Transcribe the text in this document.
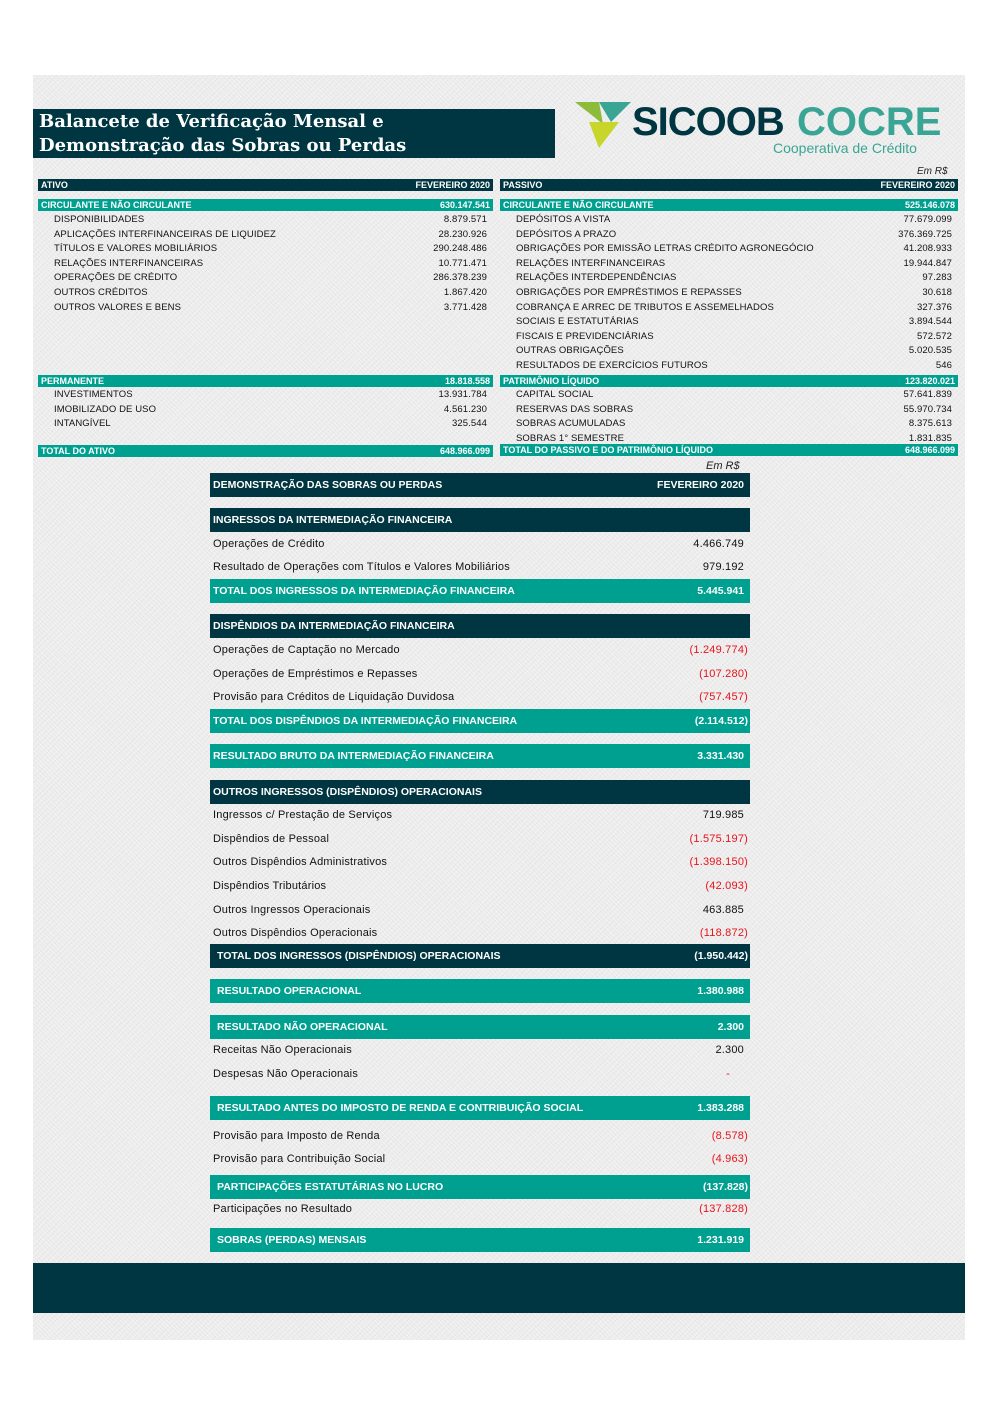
Balancete de Verificação Mensal e
Demonstração das Sobras ou Perdas
SICOOB COCRE
Cooperativa de Crédito
Em R$
ATIVO	FEVEREIRO 2020
CIRCULANTE E NÃO CIRCULANTE	630.147.541
DISPONIBILIDADES	8.879.571
APLICAÇÕES INTERFINANCEIRAS DE LIQUIDEZ	28.230.926
TÍTULOS E VALORES MOBILIÁRIOS	290.248.486
RELAÇÕES INTERFINANCEIRAS	10.771.471
OPERAÇÕES DE CRÉDITO	286.378.239
OUTROS CRÉDITOS	1.867.420
OUTROS VALORES E BENS	3.771.428
PERMANENTE	18.818.558
INVESTIMENTOS	13.931.784
IMOBILIZADO DE USO	4.561.230
INTANGÍVEL	325.544
TOTAL DO ATIVO	648.966.099
PASSIVO	FEVEREIRO 2020
CIRCULANTE E NÃO CIRCULANTE	525.146.078
DEPÓSITOS A VISTA	77.679.099
DEPÓSITOS A PRAZO	376.369.725
OBRIGAÇÕES POR EMISSÃO LETRAS CRÉDITO AGRONEGÓCIO	41.208.933
RELAÇÕES INTERFINANCEIRAS	19.944.847
RELAÇÕES INTERDEPENDÊNCIAS	97.283
OBRIGAÇÕES POR EMPRÉSTIMOS E REPASSES	30.618
COBRANÇA E ARREC DE TRIBUTOS E ASSEMELHADOS	327.376
SOCIAIS E ESTATUTÁRIAS	3.894.544
FISCAIS E PREVIDENCIÁRIAS	572.572
OUTRAS OBRIGAÇÕES	5.020.535
RESULTADOS DE EXERCÍCIOS FUTUROS	546
PATRIMÔNIO LÍQUIDO	123.820.021
CAPITAL SOCIAL	57.641.839
RESERVAS DAS SOBRAS	55.970.734
SOBRAS ACUMULADAS	8.375.613
SOBRAS 1° SEMESTRE	1.831.835
TOTAL DO PASSIVO E DO PATRIMÔNIO LÍQUIDO	648.966.099
Em R$
DEMONSTRAÇÃO DAS SOBRAS OU PERDAS	FEVEREIRO 2020
INGRESSOS DA INTERMEDIAÇÃO FINANCEIRA
Operações de Crédito	4.466.749
Resultado de Operações com Títulos e Valores Mobiliários	979.192
TOTAL DOS INGRESSOS DA INTERMEDIAÇÃO FINANCEIRA	5.445.941
DISPÊNDIOS DA INTERMEDIAÇÃO FINANCEIRA
Operações de Captação no Mercado	(1.249.774)
Operações de Empréstimos e Repasses	(107.280)
Provisão para Créditos de Liquidação Duvidosa	(757.457)
TOTAL DOS DISPÊNDIOS DA INTERMEDIAÇÃO FINANCEIRA	(2.114.512)
RESULTADO BRUTO DA INTERMEDIAÇÃO FINANCEIRA	3.331.430
OUTROS INGRESSOS (DISPÊNDIOS) OPERACIONAIS
Ingressos c/ Prestação de Serviços	719.985
Dispêndios de Pessoal	(1.575.197)
Outros Dispêndios Administrativos	(1.398.150)
Dispêndios Tributários	(42.093)
Outros Ingressos Operacionais	463.885
Outros Dispêndios Operacionais	(118.872)
TOTAL DOS INGRESSOS (DISPÊNDIOS) OPERACIONAIS	(1.950.442)
RESULTADO OPERACIONAL	1.380.988
RESULTADO NÃO OPERACIONAL	2.300
Receitas Não Operacionais	2.300
Despesas Não Operacionais	-
RESULTADO ANTES DO IMPOSTO DE RENDA E CONTRIBUIÇÃO SOCIAL	1.383.288
Provisão para Imposto de Renda	(8.578)
Provisão para Contribuição Social	(4.963)
PARTICIPAÇÕES ESTATUTÁRIAS NO LUCRO	(137.828)
Participações no Resultado	(137.828)
SOBRAS (PERDAS) MENSAIS	1.231.919
